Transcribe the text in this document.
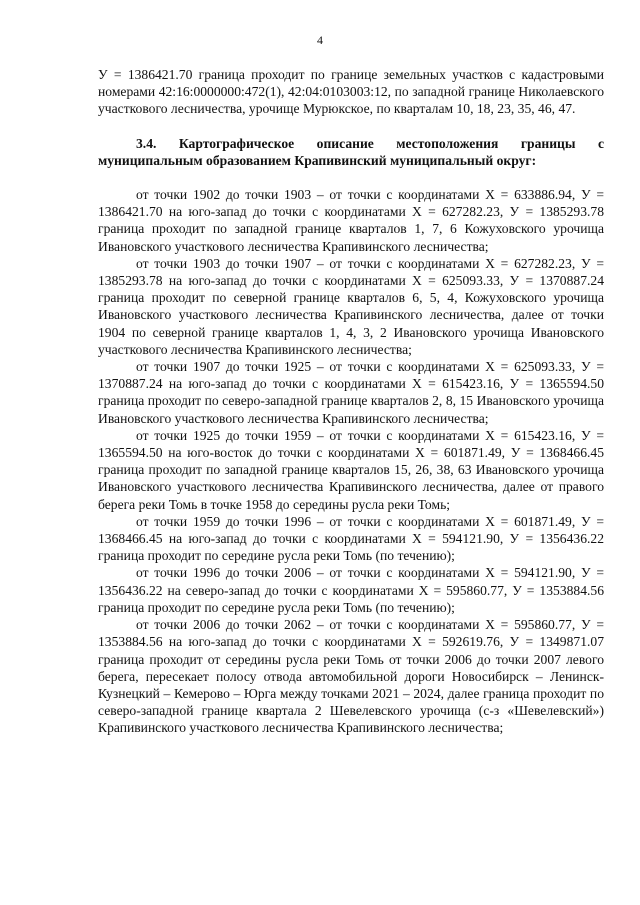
4

У = 1386421.70 граница проходит по границе земельных участков с кадастровыми номерами 42:16:0000000:472(1), 42:04:0103003:12, по западной границе Николаевского участкового лесничества, урочище Мурюкское, по кварталам 10, 18, 23, 35, 46, 47.

3.4. Картографическое описание местоположения границы с муниципальным образованием Крапивинский муниципальный округ:

от точки 1902 до точки 1903 – от точки с координатами Х = 633886.94, У = 1386421.70 на юго-запад до точки с координатами Х = 627282.23, У = 1385293.78 граница проходит по западной границе кварталов 1, 7, 6 Кожуховского урочища Ивановского участкового лесничества Крапивинского лесничества;

от точки 1903 до точки 1907 – от точки с координатами Х = 627282.23, У = 1385293.78 на юго-запад до точки с координатами Х = 625093.33, У = 1370887.24 граница проходит по северной границе кварталов 6, 5, 4, Кожуховского урочища Ивановского участкового лесничества Крапивинского лесничества, далее от точки 1904 по северной границе кварталов 1, 4, 3, 2 Ивановского урочища Ивановского участкового лесничества Крапивинского лесничества;

от точки 1907 до точки 1925 – от точки с координатами Х = 625093.33, У = 1370887.24 на юго-запад до точки с координатами Х = 615423.16, У = 1365594.50 граница проходит по северо-западной границе кварталов 2, 8, 15 Ивановского урочища Ивановского участкового лесничества Крапивинского лесничества;

от точки 1925 до точки 1959 – от точки с координатами Х = 615423.16, У = 1365594.50 на юго-восток до точки с координатами Х = 601871.49, У = 1368466.45 граница проходит по западной границе кварталов 15, 26, 38, 63 Ивановского урочища Ивановского участкового лесничества Крапивинского лесничества, далее от правого берега реки Томь в точке 1958 до середины русла реки Томь;

от точки 1959 до точки 1996 – от точки с координатами Х = 601871.49, У = 1368466.45 на юго-запад до точки с координатами Х = 594121.90, У = 1356436.22 граница проходит по середине русла реки Томь (по течению);

от точки 1996 до точки 2006 – от точки с координатами Х = 594121.90, У = 1356436.22 на северо-запад до точки с координатами Х = 595860.77, У = 1353884.56 граница проходит по середине русла реки Томь (по течению);

от точки 2006 до точки 2062 – от точки с координатами Х = 595860.77, У = 1353884.56 на юго-запад до точки с координатами Х = 592619.76, У = 1349871.07 граница проходит от середины русла реки Томь от точки 2006 до точки 2007 левого берега, пересекает полосу отвода автомобильной дороги Новосибирск – Ленинск-Кузнецкий – Кемерово – Юрга между точками 2021 – 2024, далее граница проходит по северо-западной границе квартала 2 Шевелевского урочища (с-з «Шевелевский») Крапивинского участкового лесничества Крапивинского лесничества;
